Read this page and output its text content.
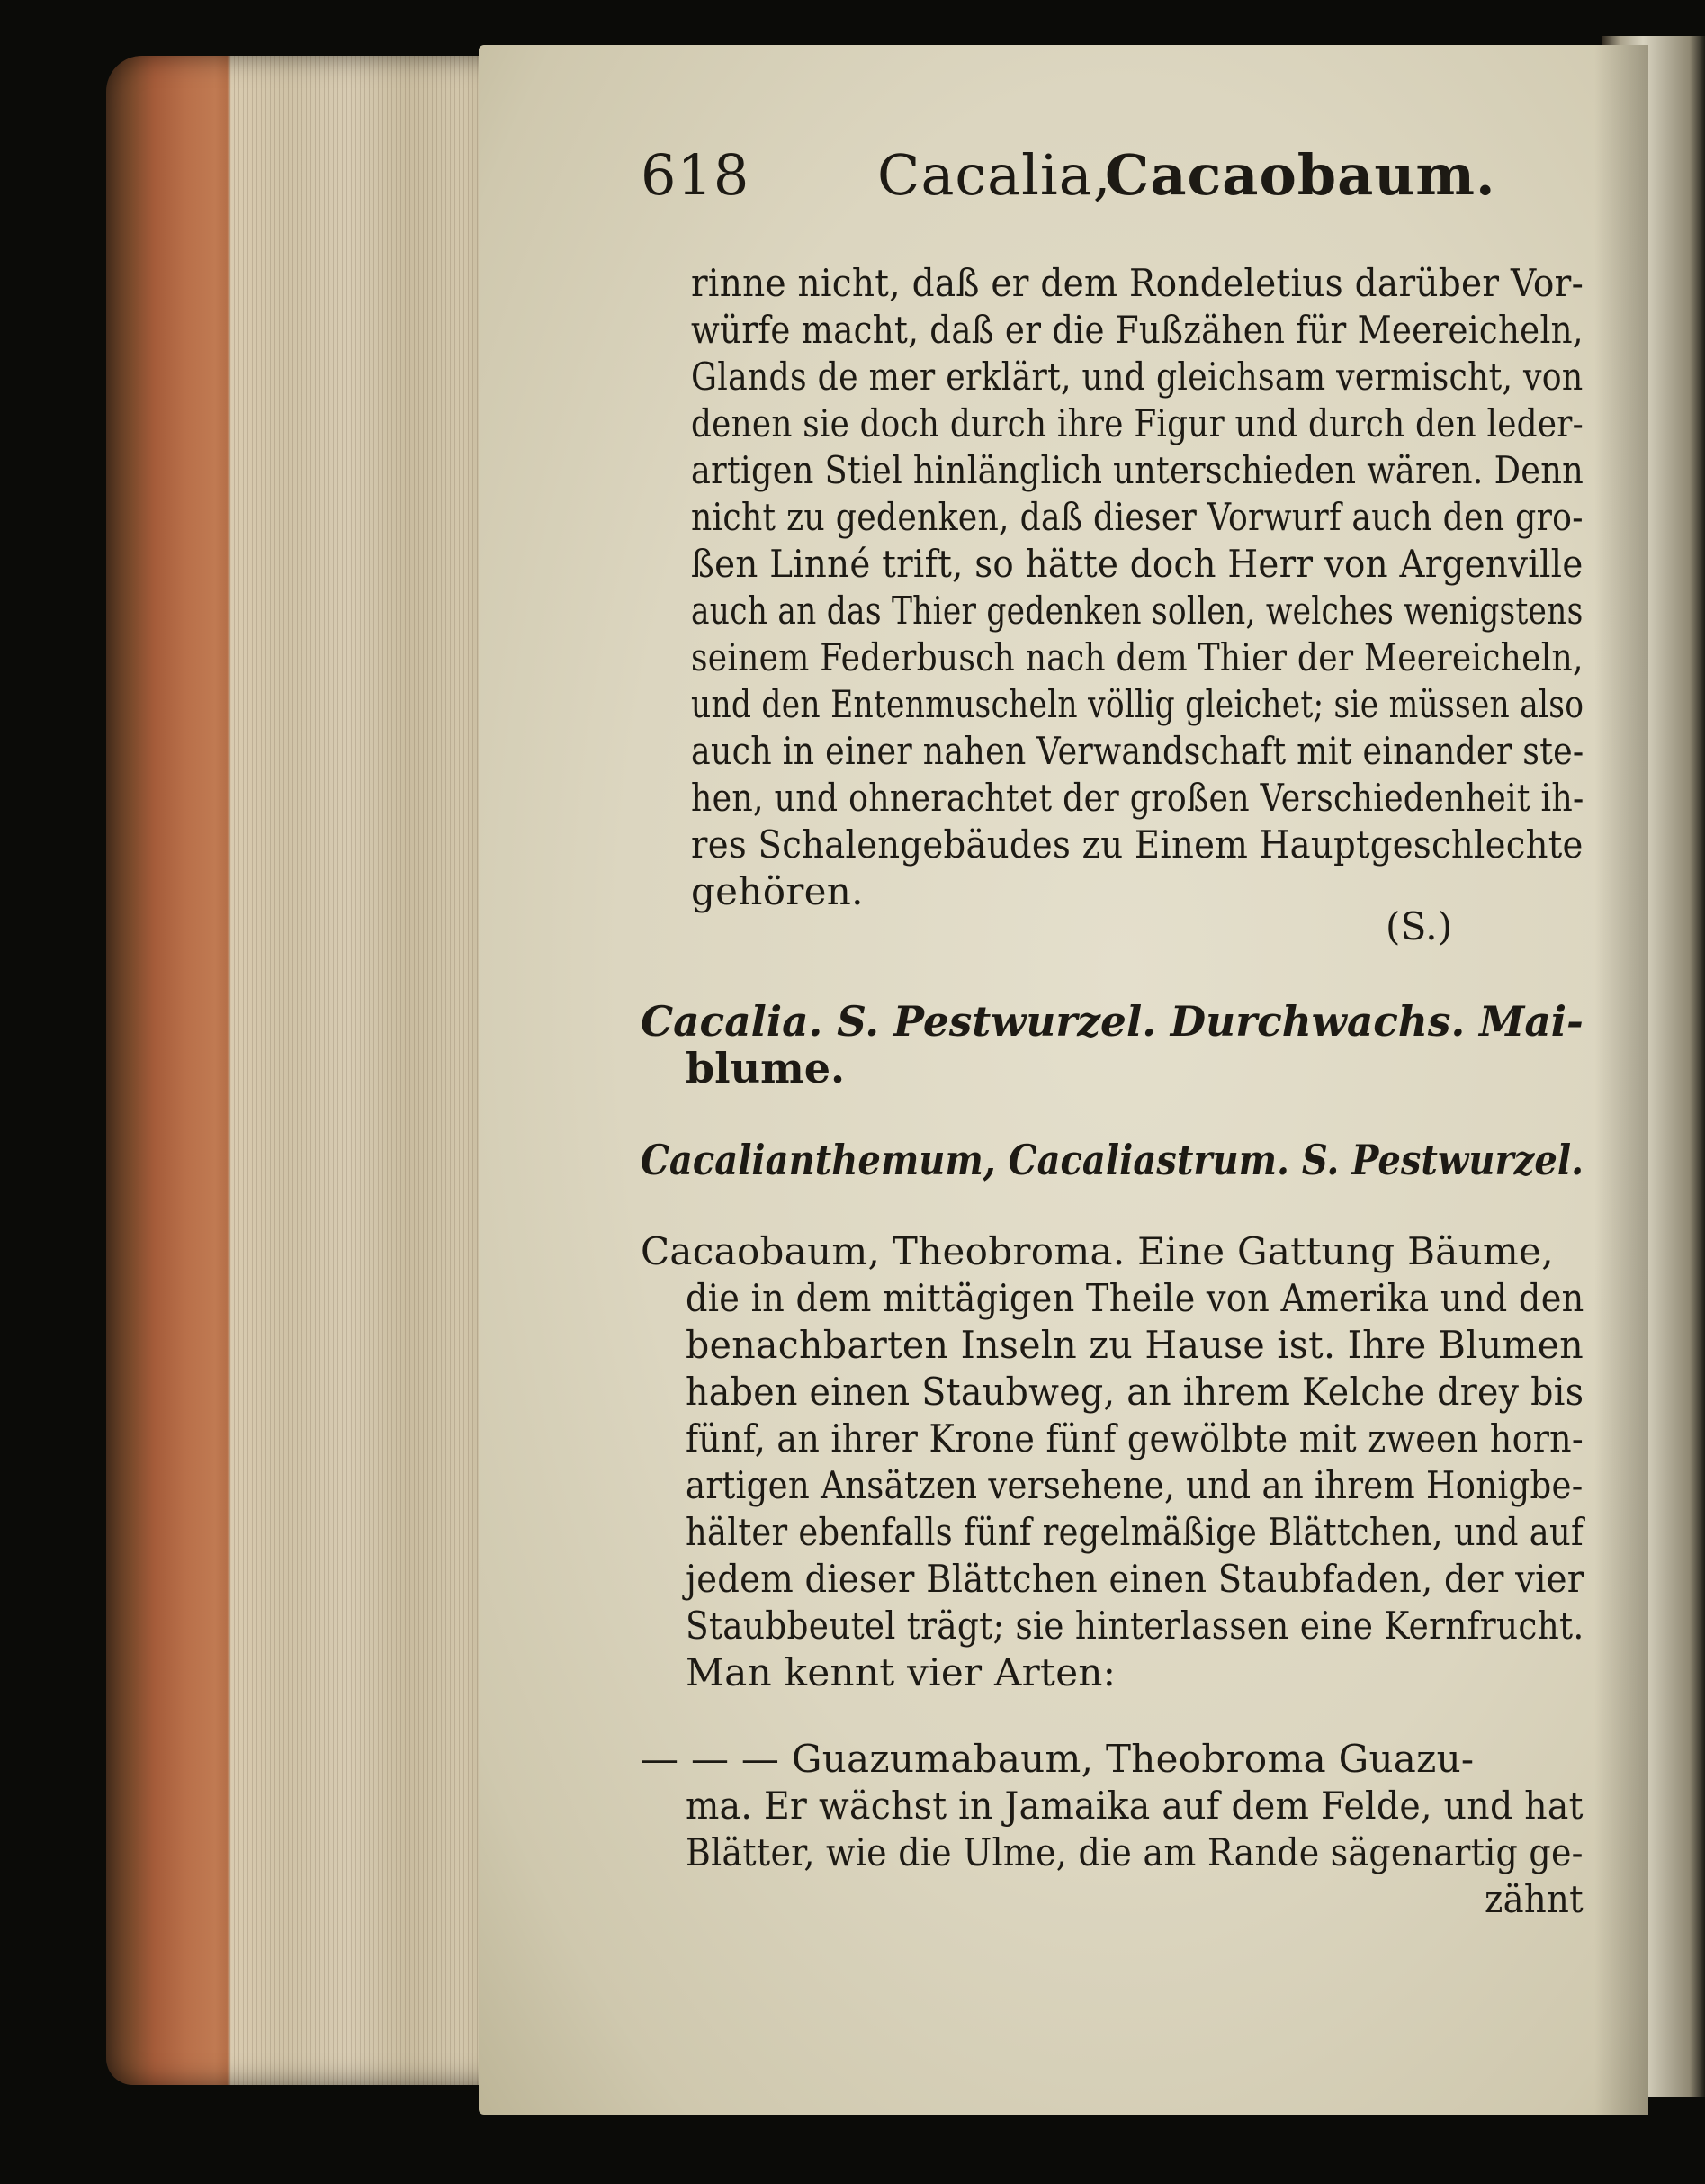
618 Cacalia,
Cacaobaum.
rinne nicht, daß er dem Rondeletius darüber Vor-
würfe macht, daß er die Fußzähen für Meereicheln,
Glands de mer erklärt, und gleichsam vermischt, von
denen sie doch durch ihre Figur und durch den leder-
artigen Stiel hinlänglich unterschieden wären. Denn
nicht zu gedenken, daß dieser Vorwurf auch den gro-
ßen Linné trift, so hätte doch Herr von Argenville
auch an das Thier gedenken sollen, welches wenigstens
seinem Federbusch nach dem Thier der Meereicheln,
und den Entenmuscheln völlig gleichet; sie müssen also
auch in einer nahen Verwandschaft mit einander ste-
hen, und ohnerachtet der großen Verschiedenheit ih-
res Schalengebäudes zu Einem Hauptgeschlechte
gehören.
(S.)
Cacalia. S. Pestwurzel. Durchwachs. Mai-
blume.
Cacalianthemum, Cacaliastrum. S. Pestwurzel.
Cacaobaum, Theobroma. Eine Gattung Bäume,
die in dem mittägigen Theile von Amerika und den
benachbarten Inseln zu Hause ist. Ihre Blumen
haben einen Staubweg, an ihrem Kelche drey bis
fünf, an ihrer Krone fünf gewölbte mit zween horn-
artigen Ansätzen versehene, und an ihrem Honigbe-
hälter ebenfalls fünf regelmäßige Blättchen, und auf
jedem dieser Blättchen einen Staubfaden, der vier
Staubbeutel trägt; sie hinterlassen eine Kernfrucht.
Man kennt vier Arten:
— — — Guazumabaum, Theobroma Guazu-
ma. Er wächst in Jamaika auf dem Felde, und hat
Blätter, wie die Ulme, die am Rande sägenartig ge-
zähnt
